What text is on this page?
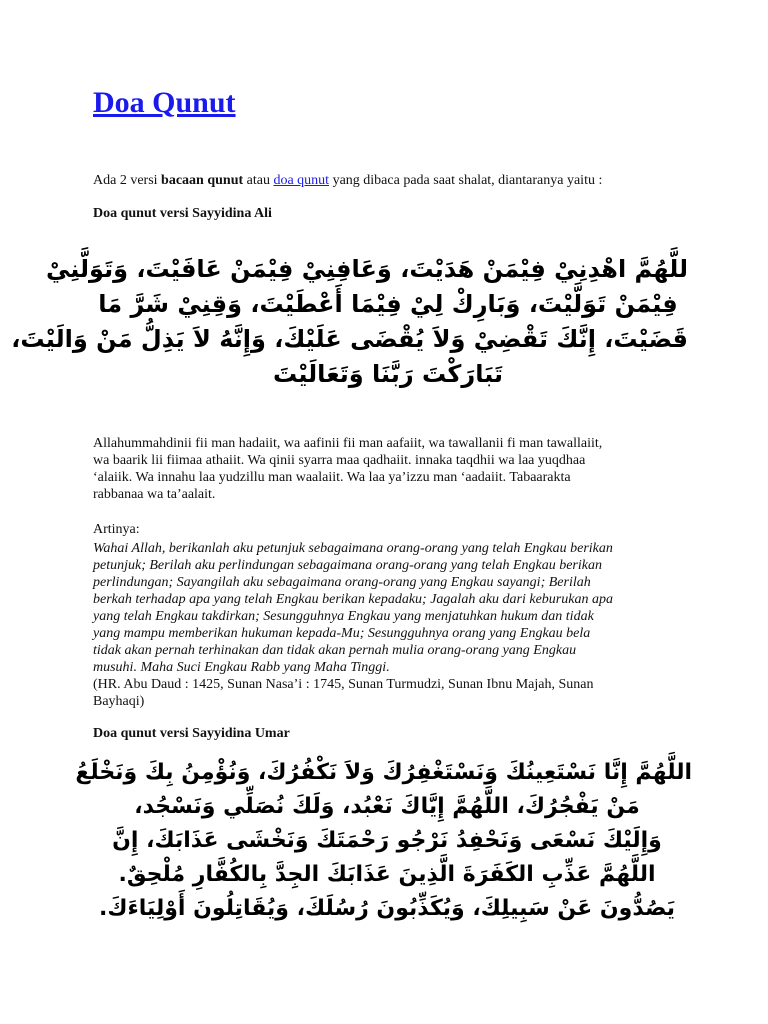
Doa Qunut
Ada 2 versi bacaan qunut atau doa qunut yang dibaca pada saat shalat, diantaranya yaitu :
Doa qunut versi Sayyidina Ali
للَّهُمَّ اهْدِنِيْ فِيْمَنْ هَدَيْتَ، وَعَافِنِيْ فِيْمَنْ عَافَيْتَ، وَتَوَلَّنِيْ
فِيْمَنْ تَوَلَّيْتَ، وَبَارِكْ لِيْ فِيْمَا أَعْطَيْتَ، وَقِنِيْ شَرَّ مَا
قَضَيْتَ، إِنَّكَ تَقْضِيْ وَلاَ يُقْضَى عَلَيْكَ، وَإِنَّهُ لاَ يَذِلُّ مَنْ وَالَيْتَ،
تَبَارَكْتَ رَبَّنَا وَتَعَالَيْتَ
Allahummahdinii fii man hadaiit, wa aafinii fii man aafaiit, wa tawallanii fi man tawallaiit,
wa baarik lii fiimaa athaiit. Wa qinii syarra maa qadhaiit. innaka taqdhii wa laa yuqdhaa
‘alaiik. Wa innahu laa yudzillu man waalaiit. Wa laa ya’izzu man ‘aadaiit. Tabaarakta
rabbanaa wa ta’aalait.
Artinya:
Wahai Allah, berikanlah aku petunjuk sebagaimana orang-orang yang telah Engkau berikan
petunjuk; Berilah aku perlindungan sebagaimana orang-orang yang telah Engkau berikan
perlindungan; Sayangilah aku sebagaimana orang-orang yang Engkau sayangi; Berilah
berkah terhadap apa yang telah Engkau berikan kepadaku; Jagalah aku dari keburukan apa
yang telah Engkau takdirkan; Sesungguhnya Engkau yang menjatuhkan hukum dan tidak
yang mampu memberikan hukuman kepada-Mu; Sesungguhnya orang yang Engkau bela
tidak akan pernah terhinakan dan tidak akan pernah mulia orang-orang yang Engkau
musuhi. Maha Suci Engkau Rabb yang Maha Tinggi.
(HR. Abu Daud : 1425, Sunan Nasa’i : 1745, Sunan Turmudzi, Sunan Ibnu Majah, Sunan
Bayhaqi)
Doa qunut versi Sayyidina Umar
اللَّهُمَّ إِنَّا نَسْتَعِينُكَ وَنَسْتَغْفِرُكَ وَلاَ نَكْفُرُكَ، وَنُؤْمِنُ بِكَ وَنَخْلَعُ
مَنْ يَفْجُرُكَ، اللَّهُمَّ إِيَّاكَ نَعْبُد، وَلَكَ نُصَلِّي وَنَسْجُد،
وَإِلَيْكَ نَسْعَى وَنَحْفِدُ نَرْجُو رَحْمَتَكَ وَنَخْشَى عَذَابَكَ، إِنَّ
اللَّهُمَّ عَذِّبِ الكَفَرَةَ الَّذِينَ عَذَابَكَ الجِدَّ بِالكُفَّارِ مُلْحِقٌ.
يَصُدُّونَ عَنْ سَبِيلِكَ، وَيُكَذِّبُونَ رُسُلَكَ، وَيُقَاتِلُونَ أَوْلِيَاءَكَ.
